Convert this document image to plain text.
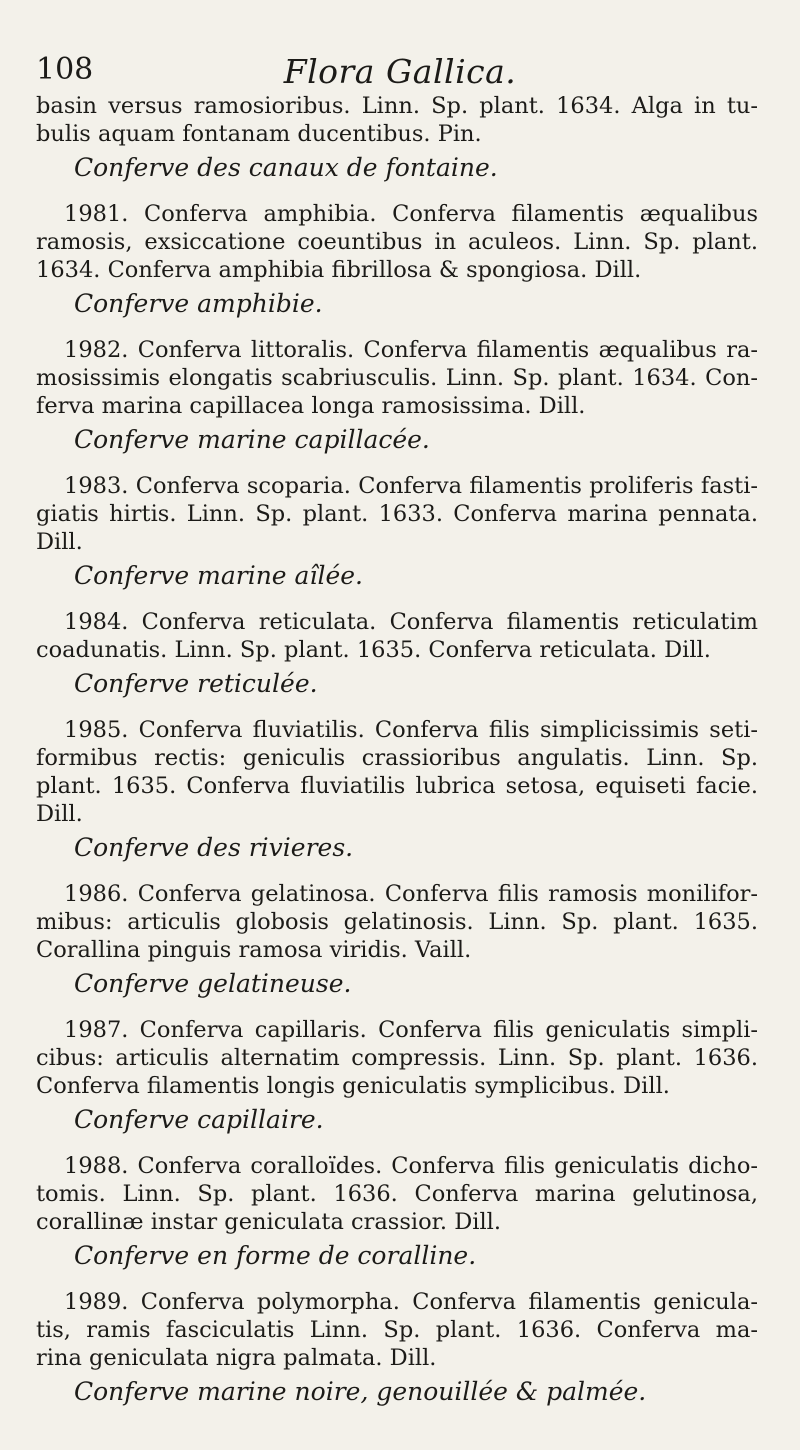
108	Flora Gallica.
basin versus ramosioribus. Linn. Sp. plant. 1634. Alga in tu-
bulis aquam fontanam ducentibus. Pin.
Conferve des canaux de fontaine.
1981. Conferva amphibia. Conferva filamentis æqualibus
ramosis, exsiccatione coeuntibus in aculeos. Linn. Sp. plant.
1634. Conferva amphibia fibrillosa & spongiosa. Dill.
Conferve amphibie.
1982. Conferva littoralis. Conferva filamentis æqualibus ra-
mosissimis elongatis scabriusculis. Linn. Sp. plant. 1634. Con-
ferva marina capillacea longa ramosissima. Dill.
Conferve marine capillacée.
1983. Conferva scoparia. Conferva filamentis proliferis fasti-
giatis hirtis. Linn. Sp. plant. 1633. Conferva marina pennata.
Dill.
Conferve marine aîlée.
1984. Conferva reticulata. Conferva filamentis reticulatim
coadunatis. Linn. Sp. plant. 1635. Conferva reticulata. Dill.
Conferve reticulée.
1985. Conferva fluviatilis. Conferva filis simplicissimis seti-
formibus rectis: geniculis crassioribus angulatis. Linn. Sp.
plant. 1635. Conferva fluviatilis lubrica setosa, equiseti facie.
Dill.
Conferve des rivieres.
1986. Conferva gelatinosa. Conferva filis ramosis monilifor-
mibus: articulis globosis gelatinosis. Linn. Sp. plant. 1635.
Corallina pinguis ramosa viridis. Vaill.
Conferve gelatineuse.
1987. Conferva capillaris. Conferva filis geniculatis simpli-
cibus: articulis alternatim compressis. Linn. Sp. plant. 1636.
Conferva filamentis longis geniculatis symplicibus. Dill.
Conferve capillaire.
1988. Conferva coralloïdes. Conferva filis geniculatis dicho-
tomis. Linn. Sp. plant. 1636. Conferva marina gelutinosa,
corallinæ instar geniculata crassior. Dill.
Conferve en forme de coralline.
1989. Conferva polymorpha. Conferva filamentis genicula-
tis, ramis fasciculatis Linn. Sp. plant. 1636. Conferva ma-
rina geniculata nigra palmata. Dill.
Conferve marine noire, genouillée & palmée.
